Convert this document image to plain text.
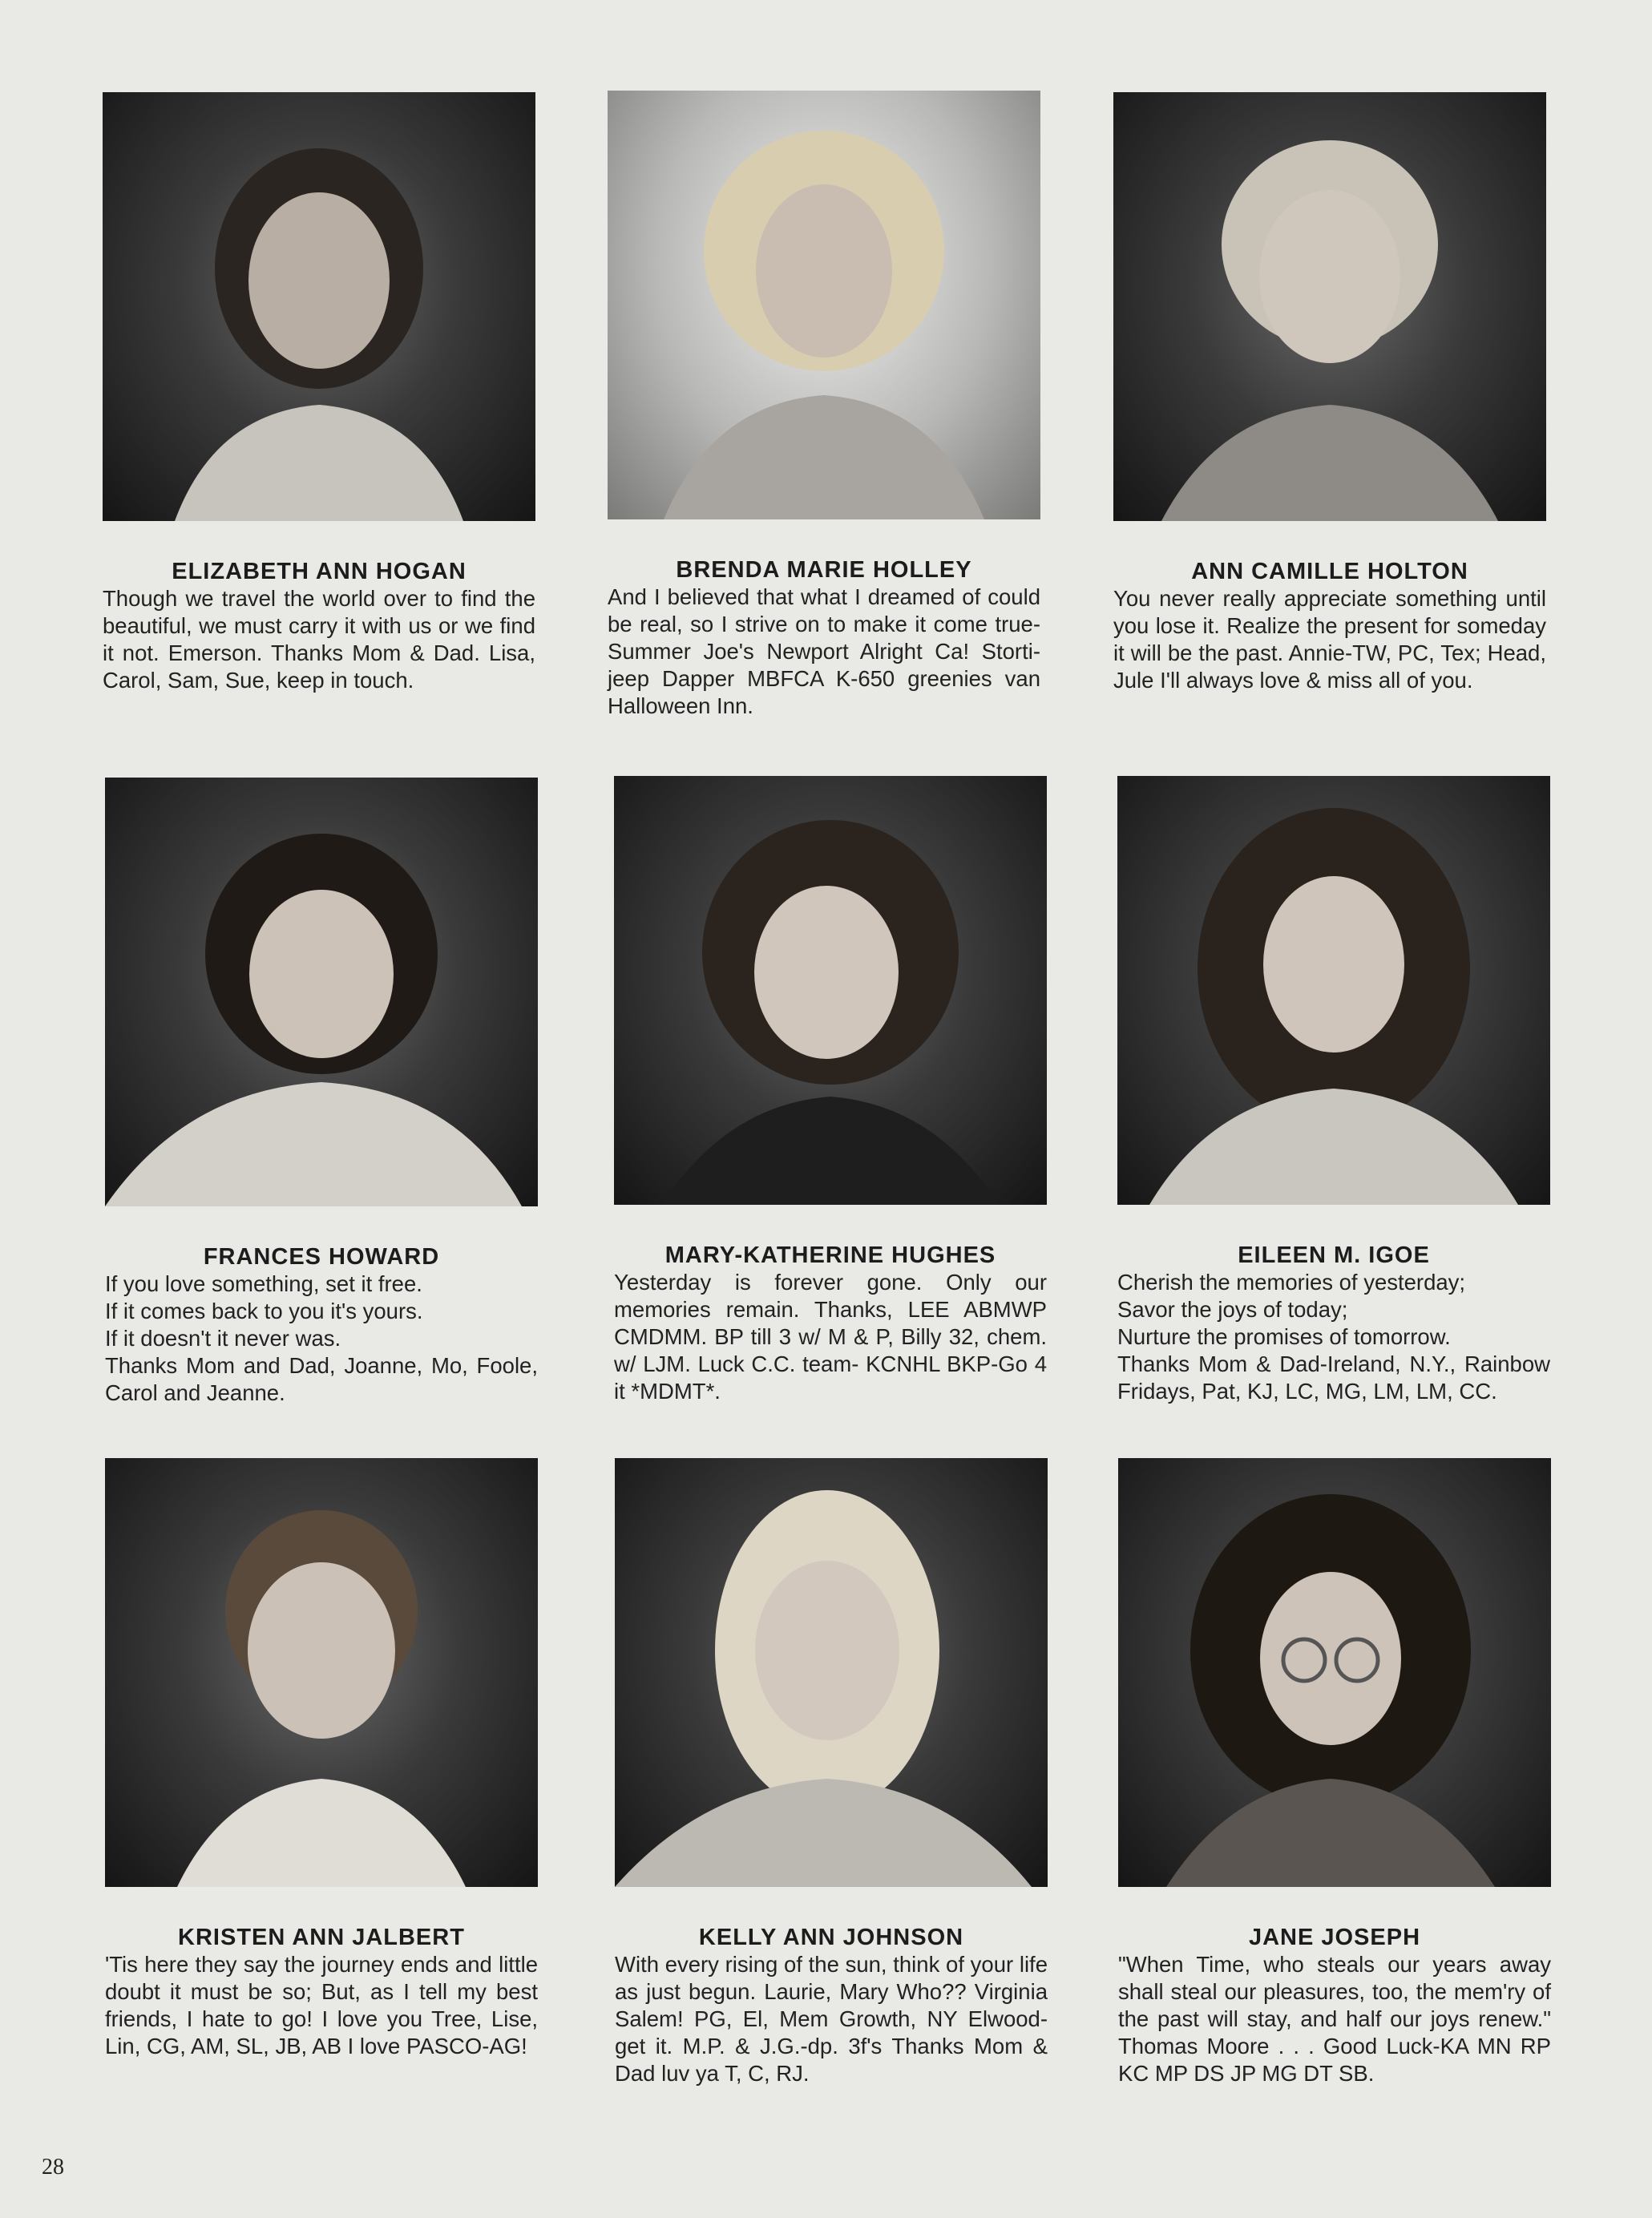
ELIZABETH ANN HOGAN
Though we travel the world over to find the beautiful, we must carry it with us or we find it not. Emerson. Thanks Mom & Dad. Lisa, Carol, Sam, Sue, keep in touch.
BRENDA MARIE HOLLEY
And I believed that what I dreamed of could be real, so I strive on to make it come true-Summer Joe's Newport Alright Ca! Storti-jeep Dapper MBFCA K-650 greenies van Halloween Inn.
ANN CAMILLE HOLTON
You never really appreciate something until you lose it. Realize the present for someday it will be the past. Annie-TW, PC, Tex; Head, Jule I'll always love & miss all of you.
FRANCES HOWARD
If you love something, set it free.
If it comes back to you it's yours.
If it doesn't it never was.
Thanks Mom and Dad, Joanne, Mo, Foole, Carol and Jeanne.
MARY-KATHERINE HUGHES
Yesterday is forever gone. Only our memories remain. Thanks, LEE ABMWP CMDMM. BP till 3 w/ M & P, Billy 32, chem. w/ LJM. Luck C.C. team- KCNHL BKP-Go 4 it *MDMT*.
EILEEN M. IGOE
Cherish the memories of yesterday;
Savor the joys of today;
Nurture the promises of tomorrow.
Thanks Mom & Dad-Ireland, N.Y., Rainbow Fridays, Pat, KJ, LC, MG, LM, LM, CC.
KRISTEN ANN JALBERT
'Tis here they say the journey ends and little doubt it must be so; But, as I tell my best friends, I hate to go! I love you Tree, Lise, Lin, CG, AM, SL, JB, AB I love PASCO-AG!
KELLY ANN JOHNSON
With every rising of the sun, think of your life as just begun. Laurie, Mary Who?? Virginia Salem! PG, El, Mem Growth, NY Elwood-get it. M.P. & J.G.-dp. 3f's Thanks Mom & Dad luv ya T, C, RJ.
JANE JOSEPH
"When Time, who steals our years away shall steal our pleasures, too, the mem'ry of the past will stay, and half our joys renew." Thomas Moore . . . Good Luck-KA MN RP KC MP DS JP MG DT SB.
28
